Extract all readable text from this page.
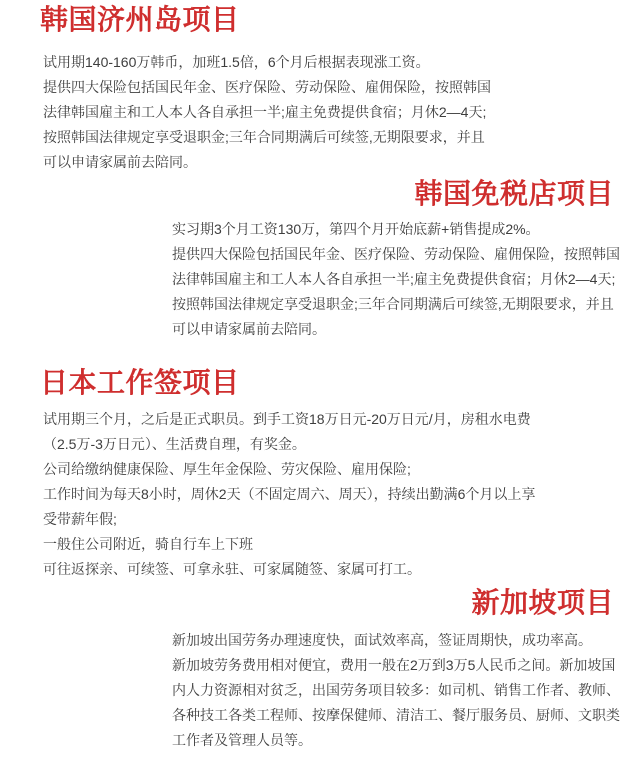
韩国济州岛项目
试用期140-160万韩币，加班1.5倍，6个月后根据表现涨工资。
提供四大保险包括国民年金、医疗保险、劳动保险、雇佣保险，按照韩国
法律韩国雇主和工人本人各自承担一半;雇主免费提供食宿；月休2—4天;
按照韩国法律规定享受退职金;三年合同期满后可续签,无期限要求，并且
可以申请家属前去陪同。
韩国免税店项目
实习期3个月工资130万，第四个月开始底薪+销售提成2%。
提供四大保险包括国民年金、医疗保险、劳动保险、雇佣保险，按照韩国
法律韩国雇主和工人本人各自承担一半;雇主免费提供食宿；月休2—4天;
按照韩国法律规定享受退职金;三年合同期满后可续签,无期限要求，并且
可以申请家属前去陪同。
日本工作签项目
试用期三个月，之后是正式职员。到手工资18万日元-20万日元/月，房租水电费
（2.5万-3万日元）、生活费自理，有奖金。
公司给缴纳健康保险、厚生年金保险、劳灾保险、雇用保险;
工作时间为每天8小时，周休2天（不固定周六、周天），持续出勤满6个月以上享
受带薪年假;
一般住公司附近，骑自行车上下班
可往返探亲、可续签、可拿永驻、可家属随签、家属可打工。
新加坡项目
新加坡出国劳务办理速度快，面试效率高，签证周期快，成功率高。
新加坡劳务费用相对便宜，费用一般在2万到3万5人民币之间。新加坡国
内人力资源相对贫乏，出国劳务项目较多：如司机、销售工作者、教师、
各种技工各类工程师、按摩保健师、清洁工、餐厅服务员、厨师、文职类
工作者及管理人员等。
